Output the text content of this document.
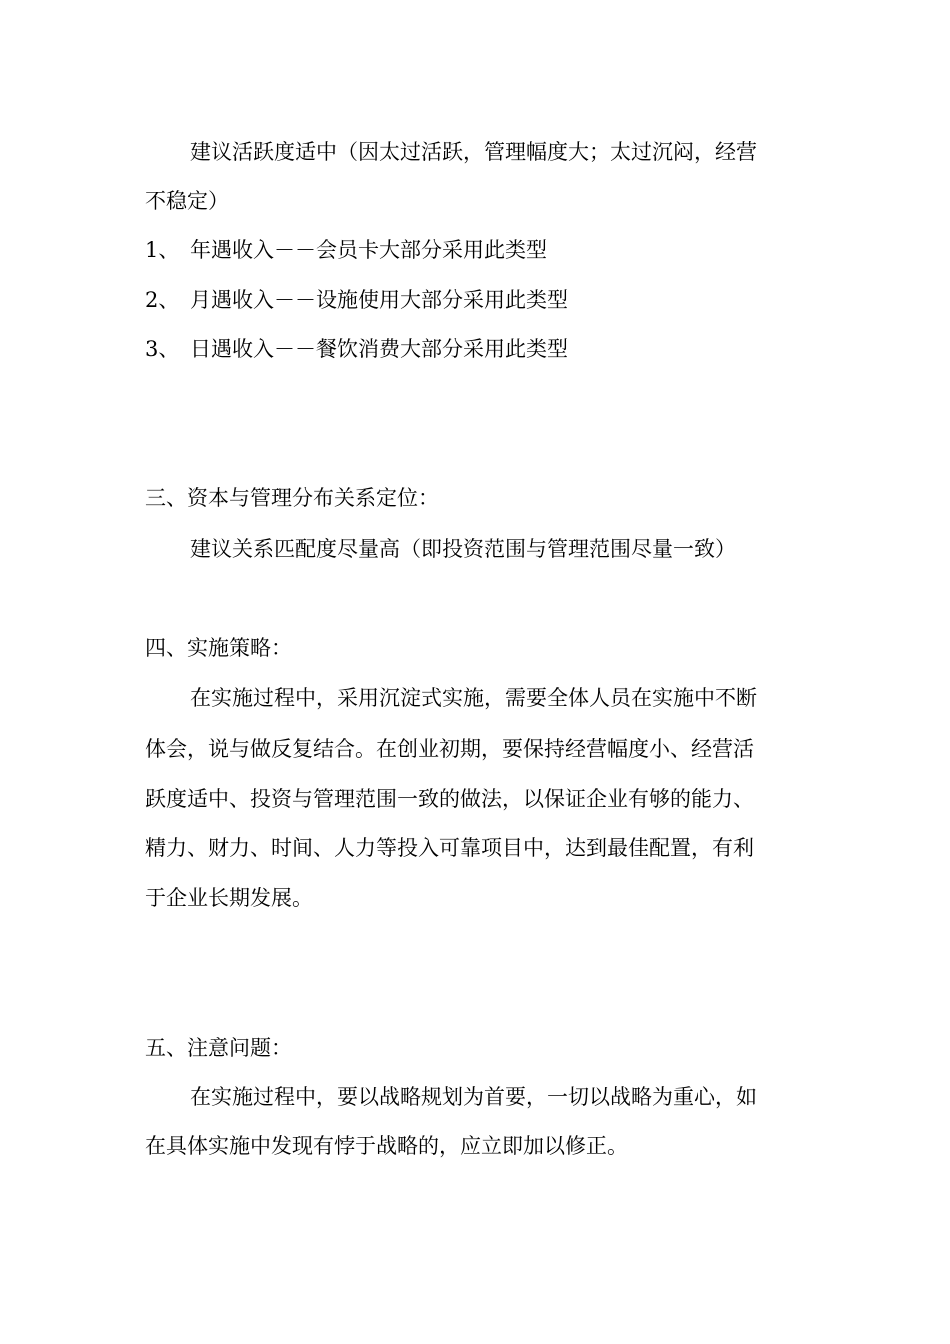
建议活跃度适中（因太过活跃，管理幅度大；太过沉闷，经营
不稳定）
1、 年遇收入－－会员卡大部分采用此类型
2、 月遇收入－－设施使用大部分采用此类型
3、 日遇收入－－餐饮消费大部分采用此类型
三、资本与管理分布关系定位：
建议关系匹配度尽量高（即投资范围与管理范围尽量一致）
四、实施策略：
在实施过程中，采用沉淀式实施，需要全体人员在实施中不断
体会，说与做反复结合。在创业初期，要保持经营幅度小、经营活
跃度适中、投资与管理范围一致的做法，以保证企业有够的能力、
精力、财力、时间、人力等投入可靠项目中，达到最佳配置，有利
于企业长期发展。
五、注意问题：
在实施过程中，要以战略规划为首要，一切以战略为重心，如
在具体实施中发现有悖于战略的，应立即加以修正。
